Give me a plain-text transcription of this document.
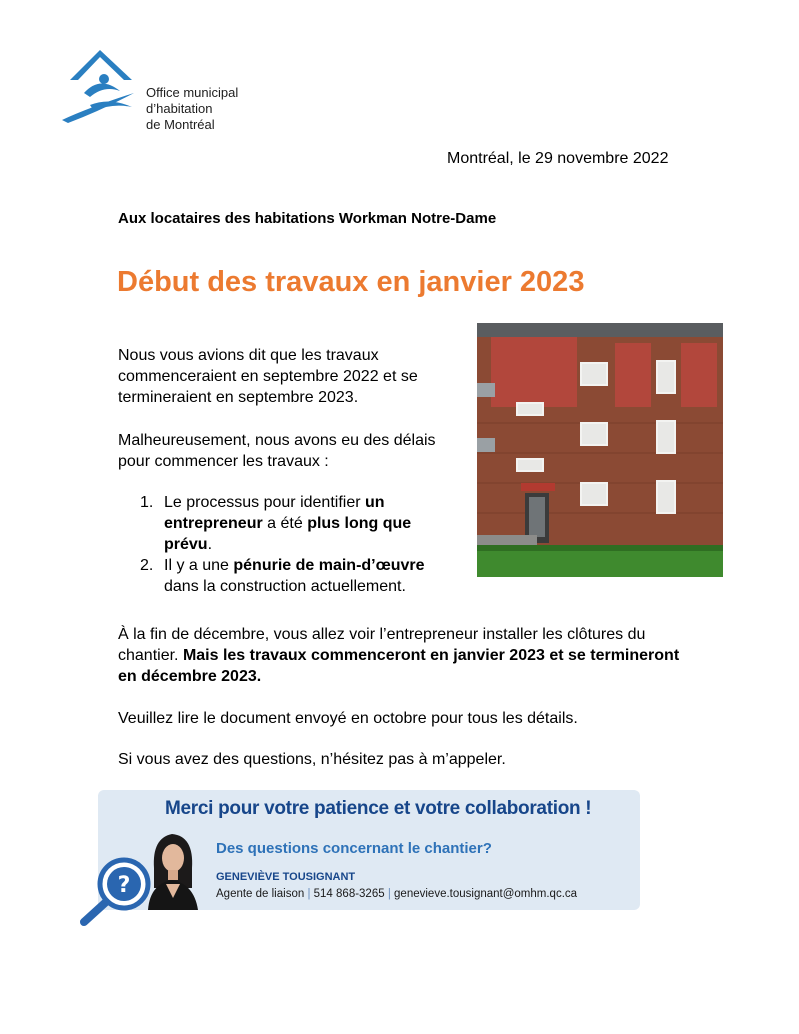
Office municipal
d’habitation
de Montréal
Montréal, le 29 novembre 2022
Aux locataires des habitations Workman Notre-Dame
Début des travaux en janvier 2023

Nous vous avions dit que les travaux commenceraient en septembre 2022 et se termineraient en septembre 2023.

Malheureusement, nous avons eu des délais pour commencer les travaux :

1. Le processus pour identifier un entrepreneur a été plus long que prévu.
2. Il y a une pénurie de main-d’œuvre dans la construction actuellement.

À la fin de décembre, vous allez voir l’entrepreneur installer les clôtures du chantier. Mais les travaux commenceront en janvier 2023 et se termineront en décembre 2023.

Veuillez lire le document envoyé en octobre pour tous les détails.

Si vous avez des questions, n’hésitez pas à m’appeler.

Merci pour votre patience et votre collaboration !
Des questions concernant le chantier?
GENEVIÈVE TOUSIGNANT
Agente de liaison | 514 868-3265 | genevieve.tousignant@omhm.qc.ca
?
